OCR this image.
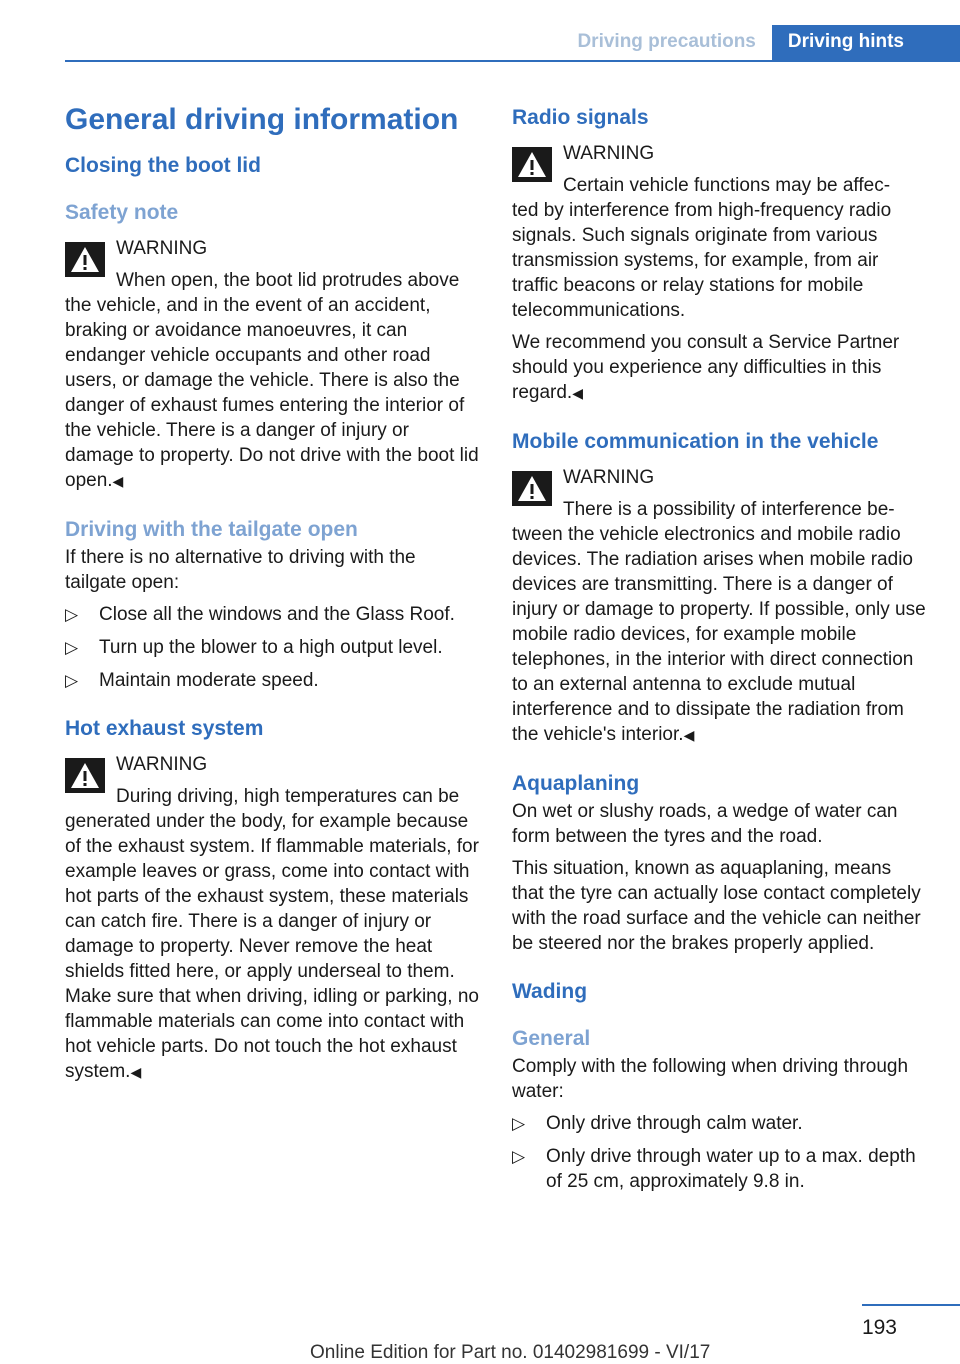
Driving precautions	Driving hints
General driving information
Closing the boot lid
Safety note
WARNING
When open, the boot lid protrudes above
the vehicle, and in the event of an accident, braking or avoidance manoeuvres, it can endanger vehicle occupants and other road users, or damage the vehicle. There is also the danger of exhaust fumes entering the interior of the vehicle. There is a danger of injury or damage to property. Do not drive with the boot lid open.◀
Driving with the tailgate open
If there is no alternative to driving with the tailgate open:
▷ Close all the windows and the Glass Roof.
▷ Turn up the blower to a high output level.
▷ Maintain moderate speed.
Hot exhaust system
WARNING
During driving, high temperatures can be
generated under the body, for example because of the exhaust system. If flammable materials, for example leaves or grass, come into contact with hot parts of the exhaust system, these materials can catch fire. There is a danger of injury or damage to property. Never remove the heat shields fitted here, or apply underseal to them. Make sure that when driving, idling or parking, no flammable materials can come into contact with hot vehicle parts. Do not touch the hot exhaust system.◀
Radio signals
WARNING
Certain vehicle functions may be affec-
ted by interference from high-frequency radio signals. Such signals originate from various transmission systems, for example, from air traffic beacons or relay stations for mobile telecommunications.
We recommend you consult a Service Partner should you experience any difficulties in this regard.◀
Mobile communication in the vehicle
WARNING
There is a possibility of interference be-
tween the vehicle electronics and mobile radio devices. The radiation arises when mobile radio devices are transmitting. There is a danger of injury or damage to property. If possible, only use mobile radio devices, for example mobile telephones, in the interior with direct connection to an external antenna to exclude mutual interference and to dissipate the radiation from the vehicle's interior.◀
Aquaplaning
On wet or slushy roads, a wedge of water can form between the tyres and the road.
This situation, known as aquaplaning, means that the tyre can actually lose contact completely with the road surface and the vehicle can neither be steered nor the brakes properly applied.
Wading
General
Comply with the following when driving through water:
▷ Only drive through calm water.
▷ Only drive through water up to a max. depth of 25 cm, approximately 9.8 in.
193
Online Edition for Part no. 01402981699 - VI/17
